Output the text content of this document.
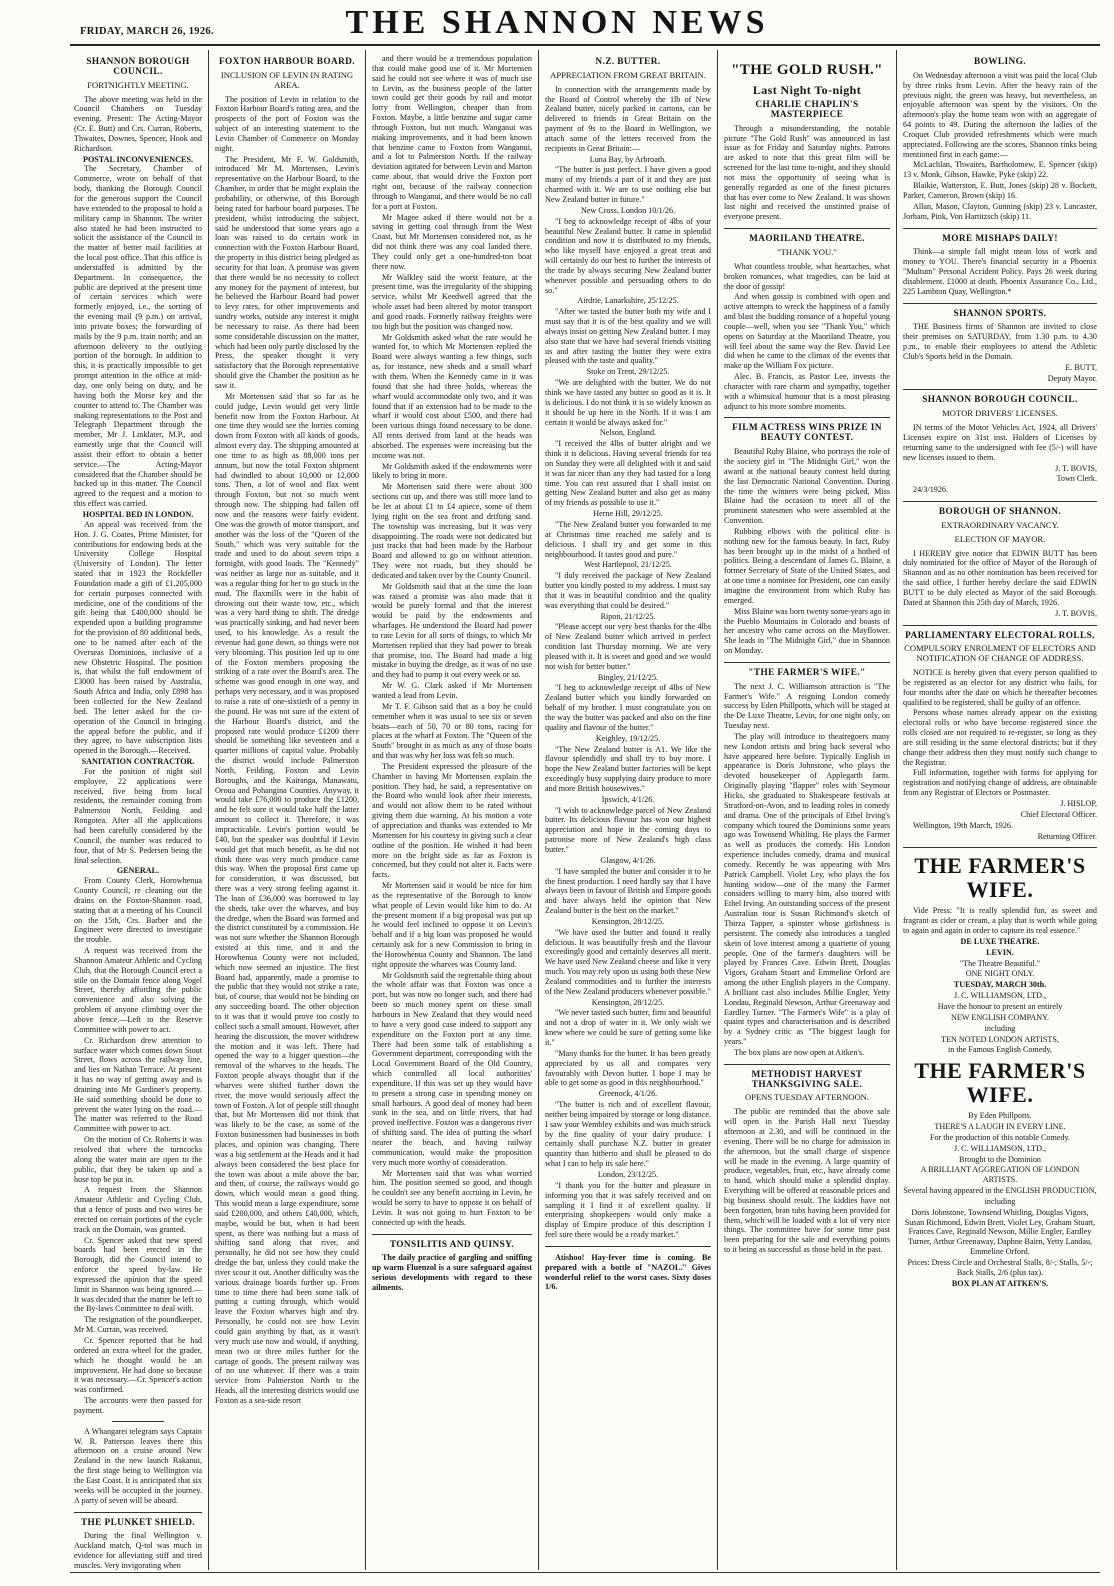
FRIDAY, MARCH 26, 1926.	THE SHANNON NEWS
SHANNON BOROUGH COUNCIL.
FORTNIGHTLY MEETING.

The above meeting was held in the Council Chambers on Tuesday evening. Present: The Acting-Mayor (Cr. E. Butt) and Crs. Curran, Roberts, Thwaites, Downes, Spencer, Hook and Richardson.

POSTAL INCONVENIENCES.

The Secretary, Chamber of Commerce, wrote on behalf of that body, thanking the Borough Council for the generous support the Council have extended to the proposal to hold a military camp in Shannon. The writer also stated he had been instructed to solicit the assistance of the Council in the matter of better mail facilities at the local post office. That this office is understaffed is admitted by the Department. In consequence, the public are deprived at the present time of certain services which were formerly enjoyed, i.e., the sorting of the evening mail (9 p.m.) on arrival, into private boxes; the forwarding of mails by the 9 p.m. train north; and an afternoon delivery to the outlying portion of the borough. In addition to this, it is practically impossible to get prompt attention in the office at mid-day, one only being on duty, and he having both the Morse key and the counter to attend to. The Chamber was making representations to the Post and Telegraph Department through the member, Mr J. Linklater, M.P., and earnestly urge that the Council will assist their effort to obtain a better service.—The Acting-Mayor considered that the Chamber should be backed up in this matter. The Council agreed to the request and a motion to this effect was carried.

HOSPITAL BED IN LONDON.

An appeal was received from the Hon. J. G. Coates, Prime Minister, for contributions for endowing beds at the University College Hospital (University of London). The letter stated that in 1923 the Rockfeller Foundation made a gift of £1,205,000 for certain purposes connected with medicine, one of the conditions of the gift being that £400,000 should be expended upon a building programme for the provision of 80 additional beds, one to be named after each of the Overseas Dominions, inclusive of a new Obstetric Hospital. The position is, that whilst the full endowment of £3000 has been raised by Australia, South Africa and India, only £898 has been collected for the New Zealand bed. The letter asked for the co-operation of the Council in bringing the appeal before the public, and if they agree, to have subscription lists opened in the Borough.—Received.

SANITATION CONTRACTOR.

For the position of night soil employee, 22 applications were received, five being from local residents, the remainder coming from Palmerston North, Feilding and Rongotea. After all the applications had been carefully considered by the Council, the number was reduced to four, that of Mr S. Pedersen being the final selection.

GENERAL.

From County Clerk, Horowhenua County Council, re cleaning out the drains on the Foxton-Shannon road, stating that at a meeting of his Council on the 15th, Crs. Barber and the Engineer were directed to investigate the trouble.

A request was received from the Shannon Amateur Athletic and Cycling Club, that the Borough Council erect a stile on the Domain fence along Vogel Street, thereby affording the public convenience and also solving the problem of anyone climbing over the above fence.—Left to the Reserve Committee with power to act.

Cr. Richardson drew attention to surface water which comes down Stout Street, flows across the railway line, and lies on Nathan Terrace. At present it has no way of getting away and is draining into Mr Gardiner's property. He said something should be done to prevent the water lying on the road.—The matter was referred to the Road Committee with power to act.

On the motion of Cr. Roberts it was resolved that where the turncocks along the water main are open to the public, that they be taken up and a hose top be put in.

A request from the Shannon Amateur Athletic and Cycling Club, that a fence of posts and two wires be erected on certain portions of the cycle track on the Domain, was granted.

Cr. Spencer asked that new speed boards had been erected in the Borough, did the Council intend to enforce the speed by-law. He expressed the opinion that the speed limit in Shannon was being ignored.—It was decided that the matter be left to the By-laws Committee to deal with.

The resignation of the poundkeeper, Mr M. Curran, was received.

Cr. Spencer reported that he had ordered an extra wheel for the grader, which he thought would be an improvement. He had done so because it was necessary.—Cr. Spencer's action was confirmed.

The accounts were then passed for payment.

A Whangarei telegram says Captain W. R. Patterson leaves there this afternoon on a cruise around New Zealand in the new launch Rakanui, the first stage being to Wellington via the East Coast. It is anticipated that six weeks will be occupied in the journey. A party of seven will be aboard.

THE PLUNKET SHIELD.

During the final Wellington v. Auckland match, Q-tol was much in evidence for alleviating stiff and tired muscles. Very invigorating when

FOXTON HARBOUR BOARD.
INCLUSION OF LEVIN IN RATING AREA.

The position of Levin in relation to the Foxton Harbour Board's rating area, and the prospects of the port of Foxton was the subject of an interesting statement to the Levin Chamber of Commerce on Monday night.

The President, Mr F. W. Goldsmith, introduced Mr M. Mortensen, Levin's representative on the Harbour Board, to the Chamber, in order that he might explain the probability, or otherwise, of this Borough being rated for harbour board purposes. The president, whilst introducing the subject, said he understood that some years ago a loan was raised to do certain work in connection with the Foxton Harbour Board, the property in this district being pledged as security for that loan. A promise was given that there would be no necessity to collect any money for the payment of interest, but he believed the Harbour Board had power to levy rates, for other improvements and sundry works, outside any interest it might be necessary to raise. As there had been some considerable discussion on the matter, which had been only partly disclosed by the Press, the speaker thought it very satisfactory that the Borough representative should give the Chamber the position as he saw it.

Mr Mortensen said that so far as he could judge, Levin would get very little benefit now from the Foxton Harbour. At one time they would see the lorries coming down from Foxton with all kinds of goods, almost every day. The shipping amounted at one time to as high as 88,000 tons per annum, but now the total Foxton shipment had dwindled to about 10,000 or 12,000 tons. Then, a lot of wool and flax went through Foxton, but not so much went through now. The shipping had fallen off now and the reasons were fairly evident. One was the growth of motor transport, and another was the loss of the "Queen of the South," which was very suitable for the trade and used to do about seven trips a fortnight, with good loads. The "Kennedy" was neither as large nor as suitable, and it was a regular thing for her to go stuck in the mud. The flaxmills were in the habit of throwing out their waste tow, etc., which was a very hard thing to shift. The dredge was practically sinking, and had never been used, to his knowledge. As a result the revenue had gone down, so things were not very blooming. This position led up to one of the Foxton members proposing the striking of a rate over the Board's area. The scheme was good enough in one way, and perhaps very necessary, and it was proposed to raise a rate of one-sixtieth of a penny in the pound. He was not sure of the extent of the Harbour Board's district, and the proposed rate would produce £1200 there should be something like seventeen and a quarter millions of capital value. Probably the district would include Palmerston North, Feilding, Foxton and Levin Boroughs, and the Kairanga, Manawatu, Oroua and Pohangina Counties. Anyway, it would take £76,000 to produce the £1200, and he felt sure it would take half the latter amount to collect it. Therefore, it was impracticable. Levin's portion would be £40, but the speaker was doubtful if Levin would get that much benefit, as he did not think there was very much produce came this way. When the proposal first came up for consideration, it was discussed, but there was a very strong feeling against it. The loan of £36,000 was borrowed to lay the sheds, take over the wharves, and buy the dredge, when the Board was formed and the district constituted by a commission. He was not sure whether the Shannon Borough existed at this time, and it and the Horowhenua County were not included, which now seemed an injustice. The first Board had, apparently, made a promise to the public that they would not strike a rate, but, of course, that would not be binding on any succeeding board. The other objection to it was that it would prove too costly to collect such a small amount. However, after hearing the discussion, the mover withdrew the motion and it was left. There had opened the way to a bigger question—the removal of the wharves to the heads. The Foxton people always thought that if the wharves were shifted further down the river, the move would seriously affect the town of Foxton. A lot of people still thought that, but Mr Mortensen did not think that was likely to be the case, as some of the Foxton businessmen had businesses in both places, and opinion was changing. There was a big settlement at the Heads and it had always been considered the best place for the town was about a mile above the bar, and then, of course, the railways would go down, which would mean a good thing. This would mean a large expenditure, some said £200,000, and others £40,000, which, maybe, would be but, when it had been spent, as there was nothing but a mass of shifting sand along that river, and personally, he did not see how they could dredge the bar, unless they could make the river scour it out. Another difficulty was the various drainage boards further up. From time to time there had been some talk of putting a cutting through, which would leave the Foxton wharves high and dry. Personally, he could not see how Levin could gain anything by that, as it wasn't very much use now and would, if anything, mean two or three miles further for the cartage of goods. The present railway was of no use whatever. If there was a train service from Palmerston North to the Heads, all the interesting districts would use Foxton as a sea-side resort

and there would be a tremendous population that could make good use of it. Mr Mortensen said he could not see where it was of much use to Levin, as the business people of the latter town could get their goods by rail and motor lorry from Wellington, cheaper than from Foxton. Maybe, a little benzine and sugar came through Foxton, but not much. Wanganui was making improvements, and it had been known that benzine came to Foxton from Wanganui, and a lot to Palmerston North. If the railway deviation agitated for between Levin and Marton came about, that would drive the Foxton port right out, because of the railway connection through to Wanganui, and there would be no call for a port at Foxton.

Mr Magee asked if there would not be a saving in getting coal through from the West Coast, but Mr Mortensen considered not, as he did not think there was any coal landed there. They could only get a one-hundred-ton boat there now.

Mr Walkley said the worst feature, at the present time, was the irregularity of the shipping service, whilst Mr Keedwell agreed that the whole asset had been altered by motor transport and good roads. Formerly railway freights were too high but the position was changed now.

Mr Goldsmith asked what the rate would be wanted for, to which Mr Mortensen replied the Board were always wanting a few things, such as, for instance, new sheds and a small wharf with them. When the Kennedy came in it was found that she had three holds, whereas the wharf would accommodate only two, and it was found that if an extension had to be made to the wharf it would cost about £500, and there had been various things found necessary to be done. All rents derived from land at the heads was absorbed. The expenses were increasing but the income was not.

Mr Goldsmith asked if the endowments were likely to bring in more.

Mr Mortensen said there were about 300 sections cut up, and there was still more land to be let at about £1 to £4 apiece, some of them lying right on the sea front and drifting sand. The township was increasing, but it was very disappointing. The roads were not dedicated but just tracks that had been made by the Harbour Board and allowed to go on without attention. They were not roads, but they should be dedicated and taken over by the County Council.

Mr Goldsmith said that at the time the loan was raised a promise was also made that it would be purely formal and that the interest would be paid by the endowments and wharfages. He understood the Board had power to rate Levin for all sorts of things, to which Mr Mortensen replied that they had power to break that promise, too. The Board had made a big mistake in buying the dredge, as it was of no use and they had to pump it out every week or so.

Mr W. G. Clark asked if Mr Mortensen wanted a lead from Levin.

Mr T. F. Gibson said that as a boy he could remember when it was usual to see six or seven boats—each of 50, 70 or 80 tons, racing for places at the wharf at Foxton. The "Queen of the South" brought in as much as any of those boats and that was why her loss was felt so much.

The President expressed the pleasure of the Chamber in having Mr Mortensen explain the position. They had, he said, a representative on the Board who would look after their interests, and would not allow them to be rated without giving them due warning. At his motion a vote of appreciation and thanks was extended to Mr Mortensen for his courtesy in giving such a clear outline of the position. He wished it had been more on the bright side as far as Foxton is concerned, but they could not alter it. Facts were facts.

Mr Mortensen said it would be nice for him as the representative of the Borough to know what people of Levin would like him to do. At the present moment if a big proposal was put up he would feel inclined to oppose it on Levin's behalf and if a big loan was proposed he would certainly ask for a new Commission to bring in the Horowhenua County and Shannon. The land right opposite the wharves was County land.

Mr Goldsmith said the regrettable thing about the whole affair was that Foxton was once a port, but was now no longer such, and there had been so much money spent on these small harbours in New Zealand that they would need to have a very good case indeed to support any expenditure on the Foxton port at any time. There had been some talk of establishing a Government department, corresponding with the Local Government Board of the Old Country, which controlled all local authorities' expenditure. If this was set up they would have to present a strong case in spending money on small harbours. A good deal of money had been sunk in the sea, and on little rivers, that had proved ineffective. Foxton was a dangerous river of shifting sand. The idea of putting the wharf nearer the beach, and having railway communication, would make the proposition very much more worthy of consideration.

Mr Mortensen said that was what worried him. The position seemed so good, and though he couldn't see any benefit accruing in Levin, he would be sorry to have to oppose it on behalf of Levin. It was not going to hurt Foxton to be connected up with the heads.

TONSILITIS AND QUINSY.

The daily practice of gargling and sniffing up warm Fluenzol is a sure safeguard against serious developments with regard to these ailments.

N.Z. BUTTER.
APPRECIATION FROM GREAT BRITAIN.

In connection with the arrangements made by the Board of Control whereby the 1lb of New Zealand butter, nicely packed in cartons, can be delivered to friends in Great Britain on the payment of 9s to the Board in Wellington, we attach some of the letters received from the recipients in Great Britain:—

Luna Bay, by Arbroath.

"The butter is just perfect. I have given a good many of my friends a part of it and they are just charmed with it. We are to use nothing else but New Zealand butter in future."

New Cross, London 10/1/26.

"I beg to acknowledge receipt of 4lbs of your beautiful New Zealand butter. It came in splendid condition and now it is distributed to my friends, who like myself have enjoyed a great treat and will certainly do our best to further the interests of the trade by always securing New Zealand butter whenever possible and persuading others to do so."

Airdrie, Lanarkshire, 25/12/25.

"After we tasted the butter both my wife and I must say that it is of the best quality and we will always insist on getting New Zealand butter. I may also state that we have had several friends visiting us and after tasting the butter they were extra pleased with the taste and quality."

Stoke on Trent, 29/12/25.

"We are delighted with the butter. We do not think we have tasted any butter so good as it is. It is delicious. I do not think it is so widely known as it should be up here in the North. If it was I am certain it would be always asked for."

Nelson, England.

"I received the 4lbs of butter alright and we think it is delicious. Having several friends for tea on Sunday they were all delighted with it and said it was far nicer than any they had tasted for a long time. You can rest assured that I shall insist on getting New Zealand butter and also get as many of my friends as possible to use it."

Herne Hill, 29/12/25.

"The New Zealand butter you forwarded to me at Christmas time reached me safely and is delicious. I shall try and get some in this neighbourhood. It tastes good and pure."

West Hartlepool, 21/12/25.

"I duly received the package of New Zealand butter you kindly posted to my address. I must say that it was in beautiful condition and the quality was everything that could be desired."

Ripon, 21/12/25.

"Please accept our very best thanks for the 4lbs of New Zealand butter which arrived in perfect condition last Thursday morning. We are very pleased with it. It is sweet and good and we would not wish for better butter."

Bingley, 21/12/25.

"I beg to acknowledge receipt of 4lbs of New Zealand butter which you kindly forwarded on behalf of my brother. I must congratulate you on the way the butter was packed and also on the fine quality and flavour of the butter."

Keighley, 19/12/25.

"The New Zealand butter is A1. We like the flavour splendidly and shall try to buy more. I hope the New Zealand butter factories will be kept exceedingly busy supplying dairy produce to more and more British housewives."

Ipswich, 4/1/26.

"I wish to acknowledge parcel of New Zealand butter. Its delicious flavour has won our highest appreciation and hope in the coming days to patronise more of New Zealand's high class butter."

Glasgow, 4/1/26.

"I have sampled the butter and consider it to be the finest production. I need hardly say that I have always been in favour of British and Empire goods and have always held the opinion that New Zealand butter is the best on the market."

Kensington, 28/12/25.

"We have used the butter and found it really delicious. It was beautifully fresh and the flavour exceedingly good and certainly deserves all merit. We have used New Zealand cheese and like it very much. You may rely upon us using both these New Zealand commodities and to further the interests of the New Zealand producers whenever possible."

Kensington, 28/12/25.

"We never tasted such butter, firm and beautiful and not a drop of water in it. We only wish we knew where we could be sure of getting some like it."

"Many thanks for the butter. It has been greatly appreciated by us all and compares very favourably with Devon butter. I hope I may be able to get some as good in this neighbourhood."

Greenock, 4/1/26.

"The butter is rich and of excellent flavour, neither being impaired by storage or long distance. I saw your Wembley exhibits and was much struck by the fine quality of your dairy produce. I certainly shall purchase N.Z. butter in greater quantity than hitherto and shall be pleased to do what I can to help its sale here."

London, 23/12/25.

"I thank you for the butter and pleasure in informing you that it was safely received and on sampling it I find it of excellent quality. If enterprising shopkeepers would only make a display of Empire produce of this description I feel sure there would be a ready market."

Atishoo! Hay-fever time is coming. Be prepared with a bottle of "NAZOL." Gives wonderful relief to the worst cases. Sixty doses 1/6.

"THE GOLD RUSH."
Last Night To-night
CHARLIE CHAPLIN'S MASTERPIECE

Through a misunderstanding, the notable picture "The Gold Rush" was announced in last issue as for Friday and Saturday nights. Patrons are asked to note that this great film will be screened for the last time to-night, and they should not miss the opportunity of seeing what is generally regarded as one of the finest pictures that has ever come to New Zealand. It was shown last night and received the unstinted praise of everyone present.

MAORILAND THEATRE.
"THANK YOU."

What countless trouble, what heartaches, what broken romances, what tragedies, can be laid at the door of gossip!

And when gossip is combined with open and active attempts to wreck the happiness of a family and blast the budding romance of a hopeful young couple—well, when you see "Thank You," which opens on Saturday at the Maoriland Theatre, you will feel about the same way the Rev. David Lee did when he came to the climax of the events that make up the William Fox picture.

Alec. B. Francis, as Pastor Lee, invests the character with rare charm and sympathy, together with a whimsical humour that is a most pleasing adjunct to his more sombre moments.

FILM ACTRESS WINS PRIZE IN BEAUTY CONTEST.

Beautiful Ruby Blaine, who portrays the role of the society girl in "The Midnight Girl," won the award at the national beauty contest held during the last Democratic National Convention. During the time the winners were being picked, Miss Blaine had the occasion to meet all of the prominent statesmen who were assembled at the Convention.

Rubbing elbows with the political elite is nothing new for the famous beauty. In fact, Ruby has been brought up in the midst of a hotbed of politics. Being a descendant of James G. Blaine, a former Secretary of State of the United States, and at one time a nominee for President, one can easily imagine the environment from which Ruby has emerged.

Miss Blaine was born twenty some-years ago in the Pueblo Mountains in Colorado and boasts of her ancestry who came across on the Mayflower. She leads in "The Midnight Girl," due in Shannon on Monday.

"THE FARMER'S WIFE."

The next J. C. Williamson attraction is "The Farmer's Wife." A reigning London comedy success by Eden Phillpotts, which will be staged at the De Luxe Theatre, Levin, for one night only, on Tuesday next.

The play will introduce to theatregoers many new London artists and bring back several who have appeared here before. Typically English in appearance is Doris Johnstone, who plays the devoted housekeeper of Applegarth farm. Originally playing "flapper" roles with Seymour Hicks, she graduated to Shakespeare festivals at Stratford-on-Avon, and to leading roles in comedy and drama. One of the principals of Ethel Irving's company which toured the Dominions some years ago was Townsend Whitling. He plays the Farmer as well as produces the comedy. His London experience includes comedy, drama and musical comedy. Recently he was appearing with Mrs Patrick Campbell. Violet Ley, who plays the fox hunting widow—one of the many the Farmer considers willing to marry him, also toured with Ethel Irving. An outstanding success of the present Australian tour is Susan Richmond's sketch of Thirza Tapper, a spinster whose girlishness is persistent. The comedy also introduces a tangled skein of love interest among a quartette of young people. One of the farmer's daughters will be played by Frances Cave. Edwin Brett, Douglas Vigors, Graham Stuart and Emmeline Orford are among the other English players in the Company. A brilliant cast also includes Millie Engler, Yetty Londau, Reginald Newson, Arthur Greenaway and Eardley Turner. "The Farmer's Wife" is a play of quaint types and characterisation and is described by a Sydney critic as "The biggest laugh for years."

The box plans are now open at Aitken's.

METHODIST HARVEST THANKSGIVING SALE.
OPENS TUESDAY AFTERNOON.

The public are reminded that the above sale will open in the Parish Hall next Tuesday afternoon at 2.30, and will be continued in the evening. There will be no charge for admission in the afternoon, but the small charge of sixpence will be made in the evening. A large quantity of produce, vegetables, fruit, etc., have already come to hand, which should make a splendid display. Everything will be offered at reasonable prices and big business should result. The kiddies have not been forgotten, bran tubs having been provided for them, which will be loaded with a lot of very nice things. The committee have for some time past been preparing for the sale and everything points to it being as successful as those held in the past.

BOWLING.

On Wednesday afternoon a visit was paid the local Club by three rinks from Levin. After the heavy rain of the previous night, the green was heavy, but nevertheless, an enjoyable afternoon was spent by the visitors. On the afternoon's play the home team won with an aggregate of 64 points to 49. During the afternoon the ladies of the Croquet Club provided refreshments which were much appreciated. Following are the scores, Shannon rinks being mentioned first in each game:—

McLachlan, Thwaites, Bartholomew, E. Spencer (skip) 13 v. Monk, Gibson, Hawke, Pyke (skip) 22.

Blaikie, Watterston, E. Butt, Jones (skip) 28 v. Bockett, Parker, Cameron, Brown (skip) 16.

Allan, Mason, Clayton, Gunning (skip) 23 v. Lancaster, Jorham, Pink, Von Hartitzsch (skip) 11.

MORE MISHAPS DAILY!

Think—a simple fall might mean loss of work and money to YOU. There's financial security in a Phoenix "Multum" Personal Accident Policy. Pays 26 week during disablement. £1000 at death. Phoenix Assurance Co., Ltd., 225 Lambton Quay, Wellington.*

SHANNON SPORTS.

THE Business firms of Shannon are invited to close their premises on SATURDAY, from 1.30 p.m. to 4.30 p.m., to enable their employees to attend the Athletic Club's Sports held in the Domain.

E. BUTT,

Deputy Mayor.

SHANNON BOROUGH COUNCIL.
MOTOR DRIVERS' LICENSES.

IN terms of the Motor Vehicles Act, 1924, all Drivers' Licenses expire on 31st inst. Holders of Licenses by returning same to the undersigned with fee (5/-) will have new licenses issued to them.

J. T. BOVIS,

Town Clerk.

24/3/1926.

BOROUGH OF SHANNON.
EXTRAORDINARY VACANCY.
ELECTION OF MAYOR.

I HEREBY give notice that EDWIN BUTT has been duly nominated for the office of Mayor of the Borough of Shannon and as no other nomination has been received for the said office, I further hereby declare the said EDWIN BUTT to be duly elected as Mayor of the said Borough. Dated at Shannon this 25th day of March, 1926.

J. T. BOVIS,

PARLIAMENTARY ELECTORAL ROLLS.
COMPULSORY ENROLMENT OF ELECTORS AND NOTIFICATION OF CHANGE OF ADDRESS.

NOTICE is hereby given that every person qualified to be registered as an elector for any district who fails, for four months after the date on which he thereafter becomes qualified to be registered, shall be guilty of an offence.

Persons whose names already appear on the existing electoral rolls or who have become registered since the rolls closed are not required to re-register, so long as they are still residing in the same electoral districts; but if they change their address then they must notify such change to the Registrar.

Full information, together with forms for applying for registration and notifying change of address, are obtainable from any Registrar of Electors or Postmaster.

J. HISLOP,

Chief Electoral Officer.

Wellington, 19th March, 1926.

Returning Officer.

THE FARMER'S WIFE.

Vide Press: "It is really splendid fun, as sweet and fragrant as cider or cream, a play that is worth while going to again and again in order to capture its real essence."

DE LUXE THEATRE.

LEVIN.

"The Theatre Beautiful."

ONE NIGHT ONLY.

TUESDAY, MARCH 30th.

J. C. WILLIAMSON, LTD.,

Have the honour to present an entirely

NEW ENGLISH COMPANY.

including

TEN NOTED LONDON ARTISTS,

in the Famous English Comedy,

THE FARMER'S WIFE.

By Eden Phillpotts.

THERE'S A LAUGH IN EVERY LINE.

For the production of this notable Comedy.

J. C. WILLIAMSON, LTD.,

Brought to the Dominion

A BRILLIANT AGGREGATION OF LONDON ARTISTS.

Several having appeared in the ENGLISH PRODUCTION,

including

Doris Johnstone, Townsend Whitling, Douglas Vigors, Susan Richmond, Edwin Brett, Violet Ley, Graham Stuart, Frances Cave, Reginald Newson, Millie Engler, Eardley Turner, Arthur Greenaway, Daphne Bairn, Yetty Landau, Emmeline Orford.

Prices: Dress Circle and Orchestral Stalls, 8/-; Stalls, 5/-; Back Stalls, 2/6 (plus tax).

BOX PLAN AT AITKEN'S.
